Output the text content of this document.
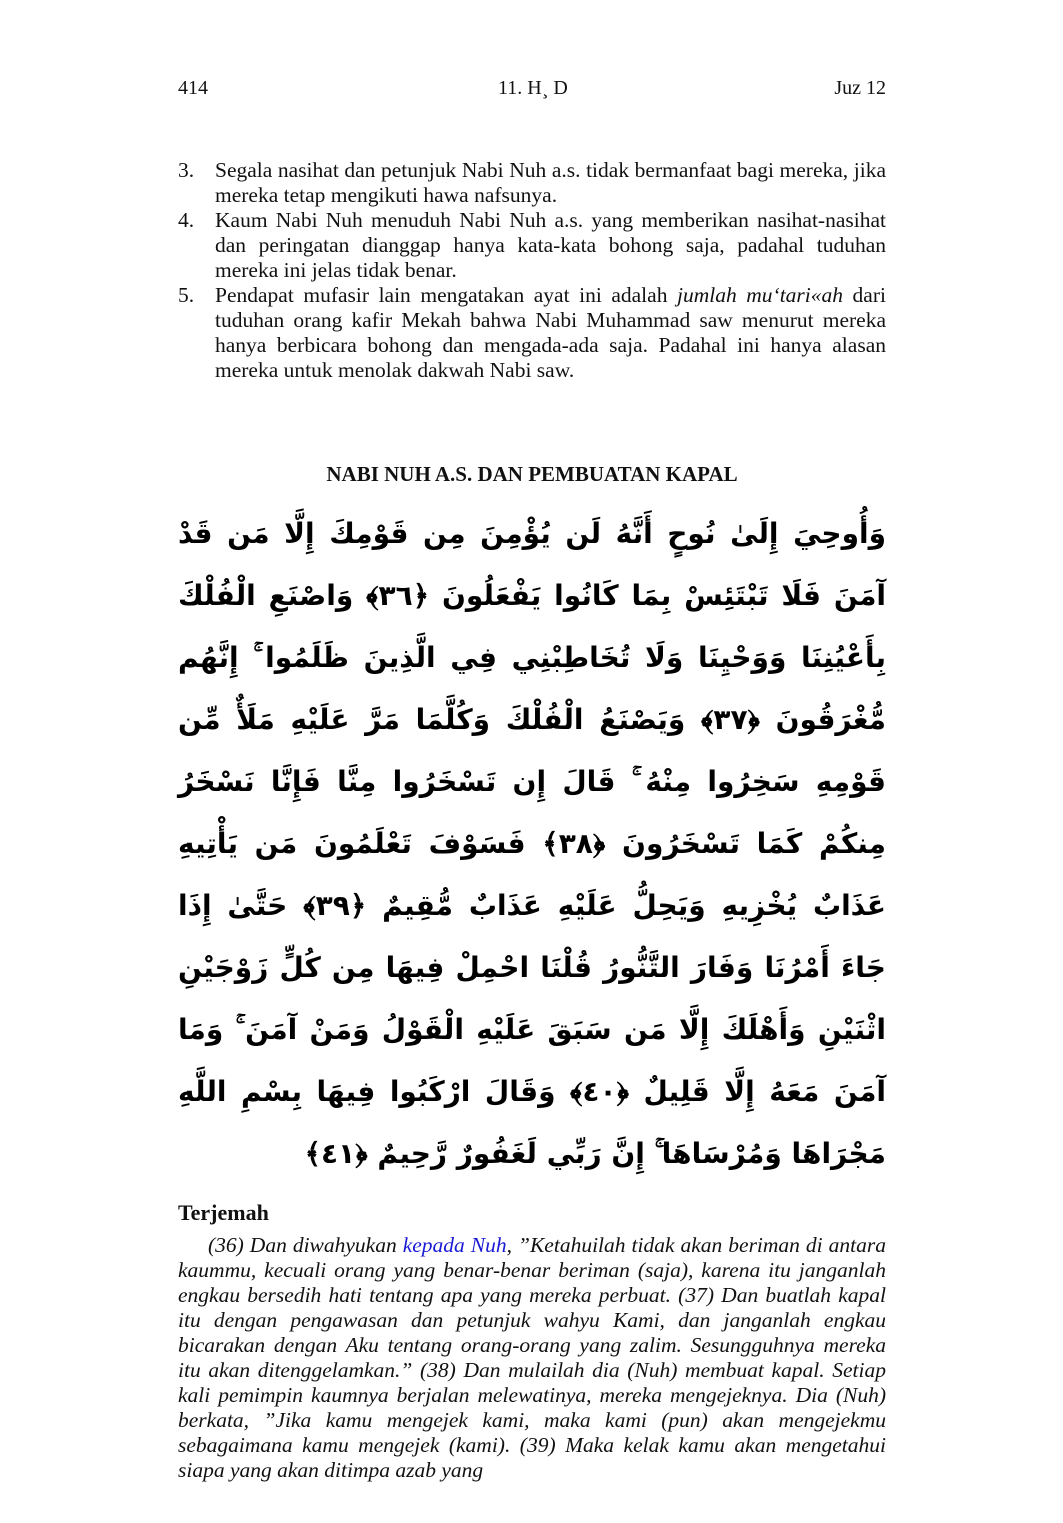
414	11. H¸ D	Juz 12
3. Segala nasihat dan petunjuk Nabi Nuh a.s. tidak bermanfaat bagi mereka, jika mereka tetap mengikuti hawa nafsunya.
4. Kaum Nabi Nuh menuduh Nabi Nuh a.s. yang memberikan nasihat-nasihat dan peringatan dianggap hanya kata-kata bohong saja, padahal tuduhan mereka ini jelas tidak benar.
5. Pendapat mufasir lain mengatakan ayat ini adalah jumlah mu‘tari«ah dari tuduhan orang kafir Mekah bahwa Nabi Muhammad saw menurut mereka hanya berbicara bohong dan mengada-ada saja. Padahal ini hanya alasan mereka untuk menolak dakwah Nabi saw.
NABI NUH A.S. DAN PEMBUATAN KAPAL
وَأُوحِيَ إِلَىٰ نُوحٍ أَنَّهُ لَن يُؤْمِنَ مِن قَوْمِكَ إِلَّا مَن قَدْ آمَنَ فَلَا تَبْتَئِسْ بِمَا كَانُوا يَفْعَلُونَ ﴿٣٦﴾ وَاصْنَعِ الْفُلْكَ بِأَعْيُنِنَا وَوَحْيِنَا وَلَا تُخَاطِبْنِي فِي الَّذِينَ ظَلَمُوا ۚ إِنَّهُم مُّغْرَقُونَ ﴿٣٧﴾ وَيَصْنَعُ الْفُلْكَ وَكُلَّمَا مَرَّ عَلَيْهِ مَلَأٌ مِّن قَوْمِهِ سَخِرُوا مِنْهُ ۚ قَالَ إِن تَسْخَرُوا مِنَّا فَإِنَّا نَسْخَرُ مِنكُمْ كَمَا تَسْخَرُونَ ﴿٣٨﴾ فَسَوْفَ تَعْلَمُونَ مَن يَأْتِيهِ عَذَابٌ يُخْزِيهِ وَيَحِلُّ عَلَيْهِ عَذَابٌ مُّقِيمٌ ﴿٣٩﴾ حَتَّىٰ إِذَا جَاءَ أَمْرُنَا وَفَارَ التَّنُّورُ قُلْنَا احْمِلْ فِيهَا مِن كُلٍّ زَوْجَيْنِ اثْنَيْنِ وَأَهْلَكَ إِلَّا مَن سَبَقَ عَلَيْهِ الْقَوْلُ وَمَنْ آمَنَ ۚ وَمَا آمَنَ مَعَهُ إِلَّا قَلِيلٌ ﴿٤٠﴾ وَقَالَ ارْكَبُوا فِيهَا بِسْمِ اللَّهِ مَجْرَاهَا وَمُرْسَاهَا ۚ إِنَّ رَبِّي لَغَفُورٌ رَّحِيمٌ ﴿٤١﴾
Terjemah

(36) Dan diwahyukan kepada Nuh, ”Ketahuilah tidak akan beriman di antara kaummu, kecuali orang yang benar-benar beriman (saja), karena itu janganlah engkau bersedih hati tentang apa yang mereka perbuat. (37) Dan buatlah kapal itu dengan pengawasan dan petunjuk wahyu Kami, dan janganlah engkau bicarakan dengan Aku tentang orang-orang yang zalim. Sesungguhnya mereka itu akan ditenggelamkan.” (38) Dan mulailah dia (Nuh) membuat kapal. Setiap kali pemimpin kaumnya berjalan melewatinya, mereka mengejeknya. Dia (Nuh) berkata, ”Jika kamu mengejek kami, maka kami (pun) akan mengejekmu sebagaimana kamu mengejek (kami). (39) Maka kelak kamu akan mengetahui siapa yang akan ditimpa azab yang
